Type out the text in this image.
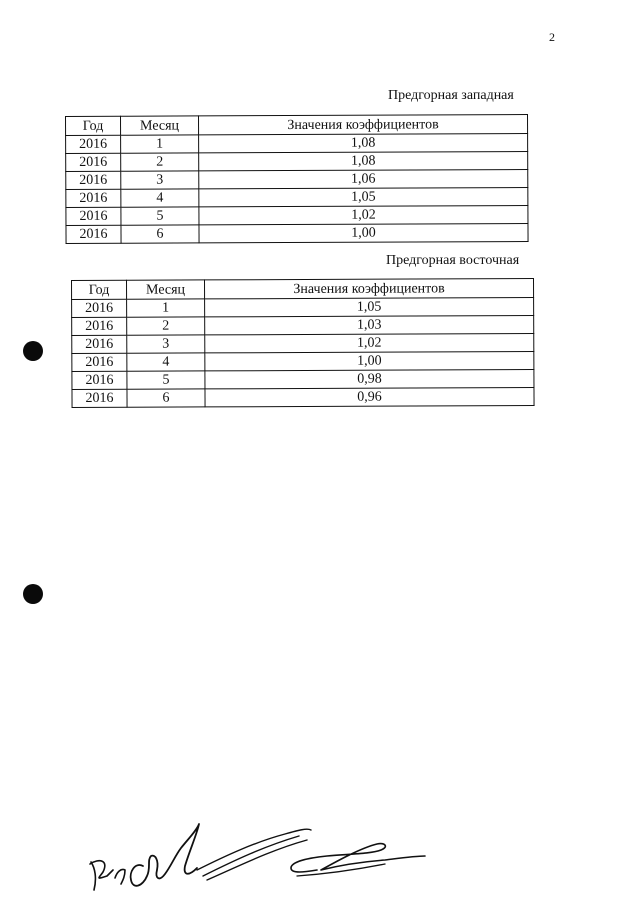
2
Предгорная западная
Год	Месяц	Значения коэффициентов
2016	1	1,08
2016	2	1,08
2016	3	1,06
2016	4	1,05
2016	5	1,02
2016	6	1,00
Предгорная восточная
Год	Месяц	Значения коэффициентов
2016	1	1,05
2016	2	1,03
2016	3	1,02
2016	4	1,00
2016	5	0,98
2016	6	0,96
